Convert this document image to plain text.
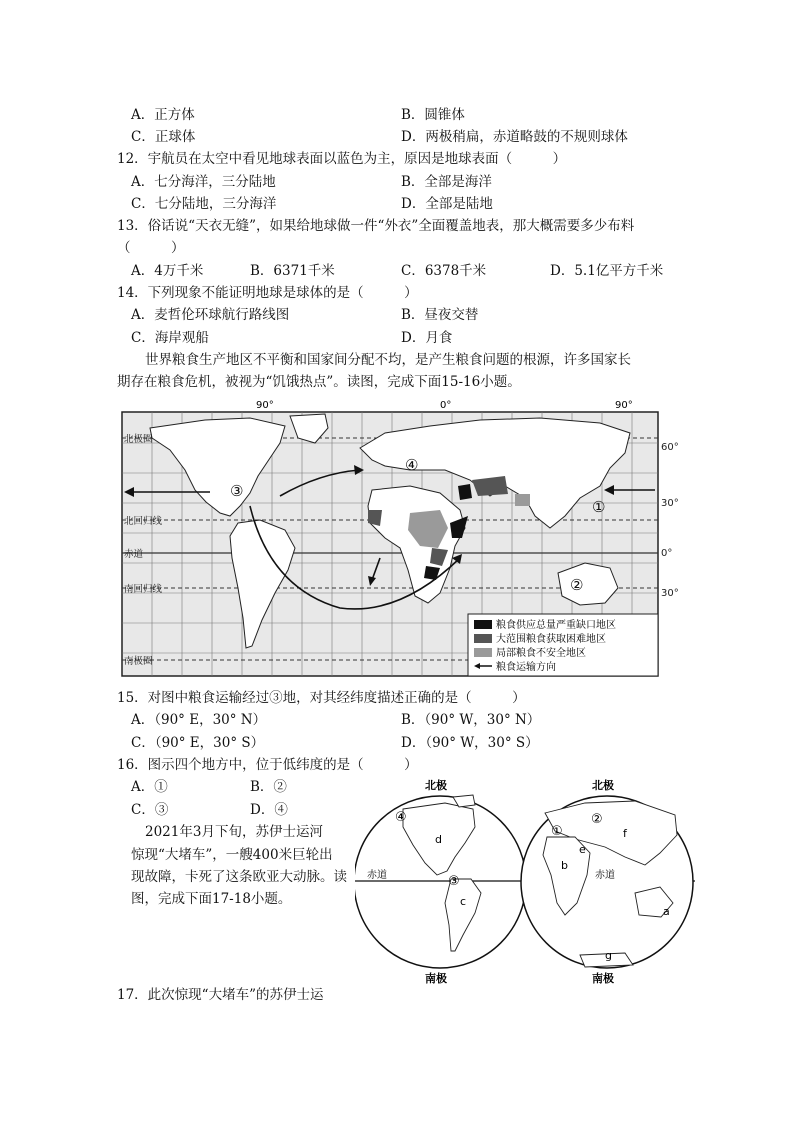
A．正方体	B．圆锥体
C．正球体	D．两极稍扁，赤道略鼓的不规则球体
12．宇航员在太空中看见地球表面以蓝色为主，原因是地球表面（　　　）
A．七分海洋，三分陆地	B．全部是海洋
C．七分陆地，三分海洋	D．全部是陆地
13．俗话说“天衣无缝”，如果给地球做一件“外衣”全面覆盖地表，那大概需要多少布料
（　　　）
A．4万千米	B．6371千米	C．6378千米	D．5.1亿平方千米
14．下列现象不能证明地球是球体的是（　　　）
A．麦哲伦环球航行路线图	B．昼夜交替
C．海岸观船	D．月食
世界粮食生产地区不平衡和国家间分配不均，是产生粮食问题的根源，许多国家长
期存在粮食危机，被视为“饥饿热点”。读图，完成下面15-16小题。
90°	0°	90°
①
②
③
④
北极圈
北回归线
赤道
南回归线
南极圈
60°
30°
0°
30°
粮食供应总量严重缺口地区
大范围粮食获取困难地区
局部粮食不安全地区
粮食运输方向
15．对图中粮食运输经过③地，对其经纬度描述正确的是（　　　）
A．（90° E，30° N）	B．（90° W，30° N）
C．（90° E，30° S）	D．（90° W，30° S）
16．图示四个地方中，位于低纬度的是（　　　）
A．①	B．②
C．③	D．④
2021年3月下旬，苏伊士运河
惊现“大堵车”，一艘400米巨轮出
现故障，卡死了这条欧亚大动脉。读
图，完成下面17-18小题。
北极
d
c
④
③
赤道
南极
北极
f
b
e
a
g
①
②
赤道
南极
17．此次惊现“大堵车”的苏伊士运
